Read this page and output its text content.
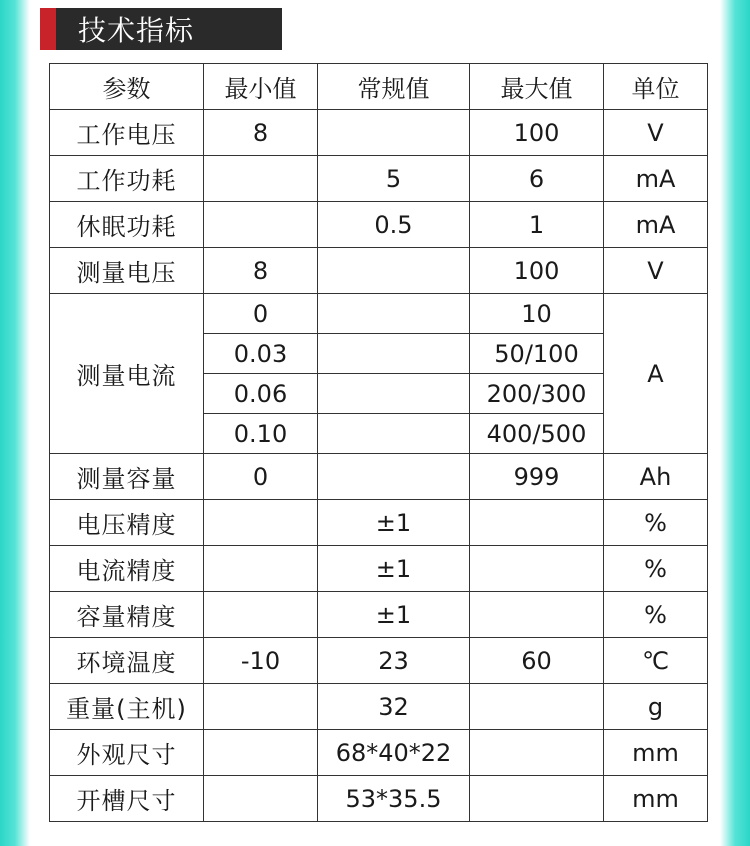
技术指标
参数	最小值	常规值	最大值	单位
工作电压	8		100	V
工作功耗		5	6	mA
休眠功耗		0.5	1	mA
测量电压	8		100	V
测量电流	0		10	A
	0.03		50/100	
	0.06		200/300	
	0.10		400/500	
测量容量	0		999	Ah
电压精度		±1		%
电流精度		±1		%
容量精度		±1		%
环境温度	-10	23	60	℃
重量(主机)		32		g
外观尺寸		68*40*22		mm
开槽尺寸		53*35.5		mm
